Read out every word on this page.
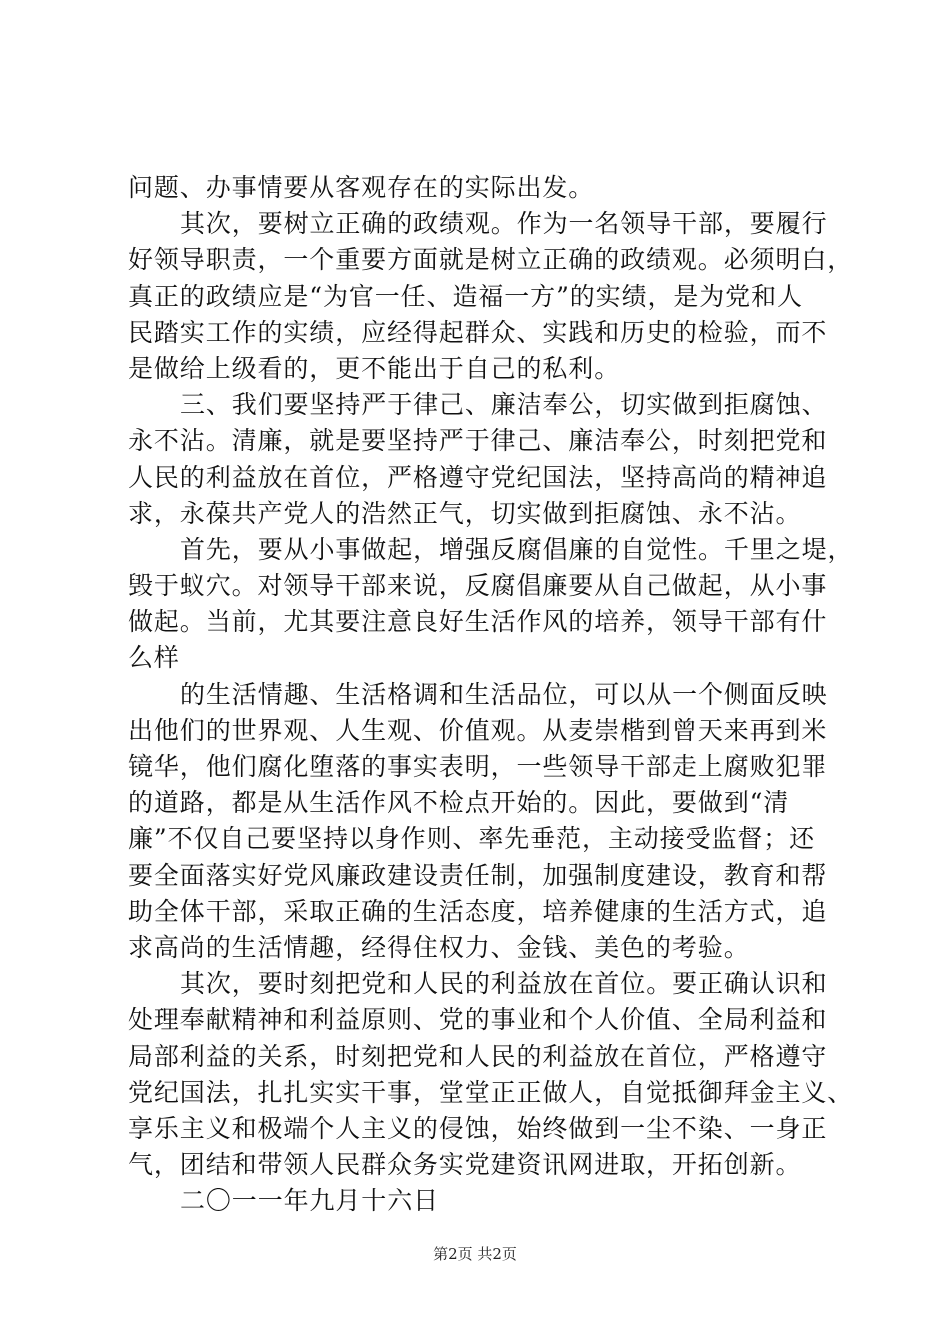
问题、办事情要从客观存在的实际出发。
其次，要树立正确的政绩观。作为一名领导干部，要履行
好领导职责，一个重要方面就是树立正确的政绩观。必须明白，
真正的政绩应是“为官一任、造福一方”的实绩，是为党和人
民踏实工作的实绩，应经得起群众、实践和历史的检验，而不
是做给上级看的，更不能出于自己的私利。
三、我们要坚持严于律己、廉洁奉公，切实做到拒腐蚀、
永不沾。清廉，就是要坚持严于律己、廉洁奉公，时刻把党和
人民的利益放在首位，严格遵守党纪国法，坚持高尚的精神追
求，永葆共产党人的浩然正气，切实做到拒腐蚀、永不沾。
首先，要从小事做起，增强反腐倡廉的自觉性。千里之堤，
毁于蚁穴。对领导干部来说，反腐倡廉要从自己做起，从小事
做起。当前，尤其要注意良好生活作风的培养，领导干部有什
么样
的生活情趣、生活格调和生活品位，可以从一个侧面反映
出他们的世界观、人生观、价值观。从麦崇楷到曾天来再到米
镜华，他们腐化堕落的事实表明，一些领导干部走上腐败犯罪
的道路，都是从生活作风不检点开始的。因此，要做到“清
廉”不仅自己要坚持以身作则、率先垂范，主动接受监督；还
要全面落实好党风廉政建设责任制，加强制度建设，教育和帮
助全体干部，采取正确的生活态度，培养健康的生活方式，追
求高尚的生活情趣，经得住权力、金钱、美色的考验。
其次，要时刻把党和人民的利益放在首位。要正确认识和
处理奉献精神和利益原则、党的事业和个人价值、全局利益和
局部利益的关系，时刻把党和人民的利益放在首位，严格遵守
党纪国法，扎扎实实干事，堂堂正正做人，自觉抵御拜金主义、
享乐主义和极端个人主义的侵蚀，始终做到一尘不染、一身正
气，团结和带领人民群众务实党建资讯网进取，开拓创新。
二〇一一年九月十六日
第2页 共2页
